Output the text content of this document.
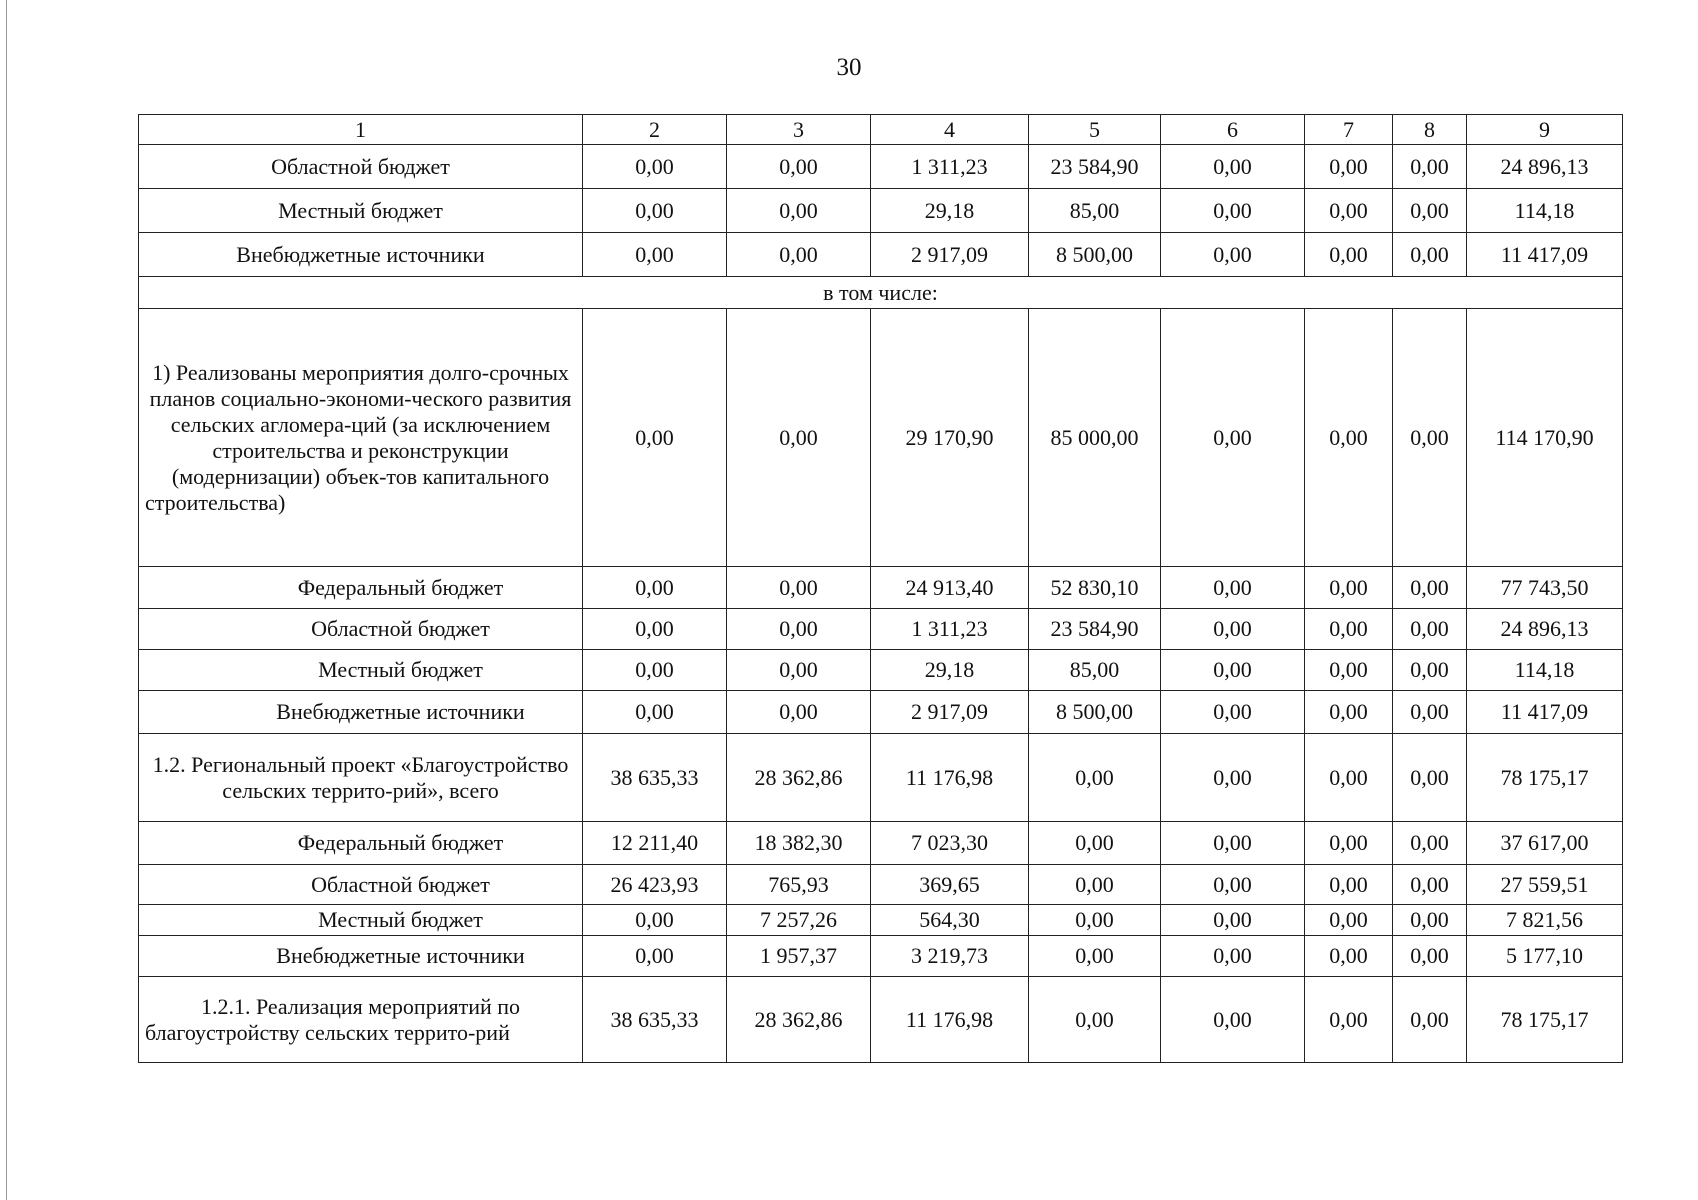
30
1	2	3	4	5	6	7	8	9
Областной бюджет	0,00	0,00	1 311,23	23 584,90	0,00	0,00	0,00	24 896,13
Местный бюджет	0,00	0,00	29,18	85,00	0,00	0,00	0,00	114,18
Внебюджетные источники	0,00	0,00	2 917,09	8 500,00	0,00	0,00	0,00	11 417,09
в том числе:								
1) Реализованы мероприятия долго-срочных планов социально-экономи-ческого развития сельских агломера-ций (за исключением строительства и реконструкции (модернизации) объек-тов капитального строительства)	0,00	0,00	29 170,90	85 000,00	0,00	0,00	0,00	114 170,90
Федеральный бюджет	0,00	0,00	24 913,40	52 830,10	0,00	0,00	0,00	77 743,50
Областной бюджет	0,00	0,00	1 311,23	23 584,90	0,00	0,00	0,00	24 896,13
Местный бюджет	0,00	0,00	29,18	85,00	0,00	0,00	0,00	114,18
Внебюджетные источники	0,00	0,00	2 917,09	8 500,00	0,00	0,00	0,00	11 417,09
1.2. Региональный проект «Благоустройство сельских террито-рий», всего	38 635,33	28 362,86	11 176,98	0,00	0,00	0,00	0,00	78 175,17
Федеральный бюджет	12 211,40	18 382,30	7 023,30	0,00	0,00	0,00	0,00	37 617,00
Областной бюджет	26 423,93	765,93	369,65	0,00	0,00	0,00	0,00	27 559,51
Местный бюджет	0,00	7 257,26	564,30	0,00	0,00	0,00	0,00	7 821,56
Внебюджетные источники	0,00	1 957,37	3 219,73	0,00	0,00	0,00	0,00	5 177,10
1.2.1. Реализация мероприятий по благоустройству сельских террито-рий	38 635,33	28 362,86	11 176,98	0,00	0,00	0,00	0,00	78 175,17
